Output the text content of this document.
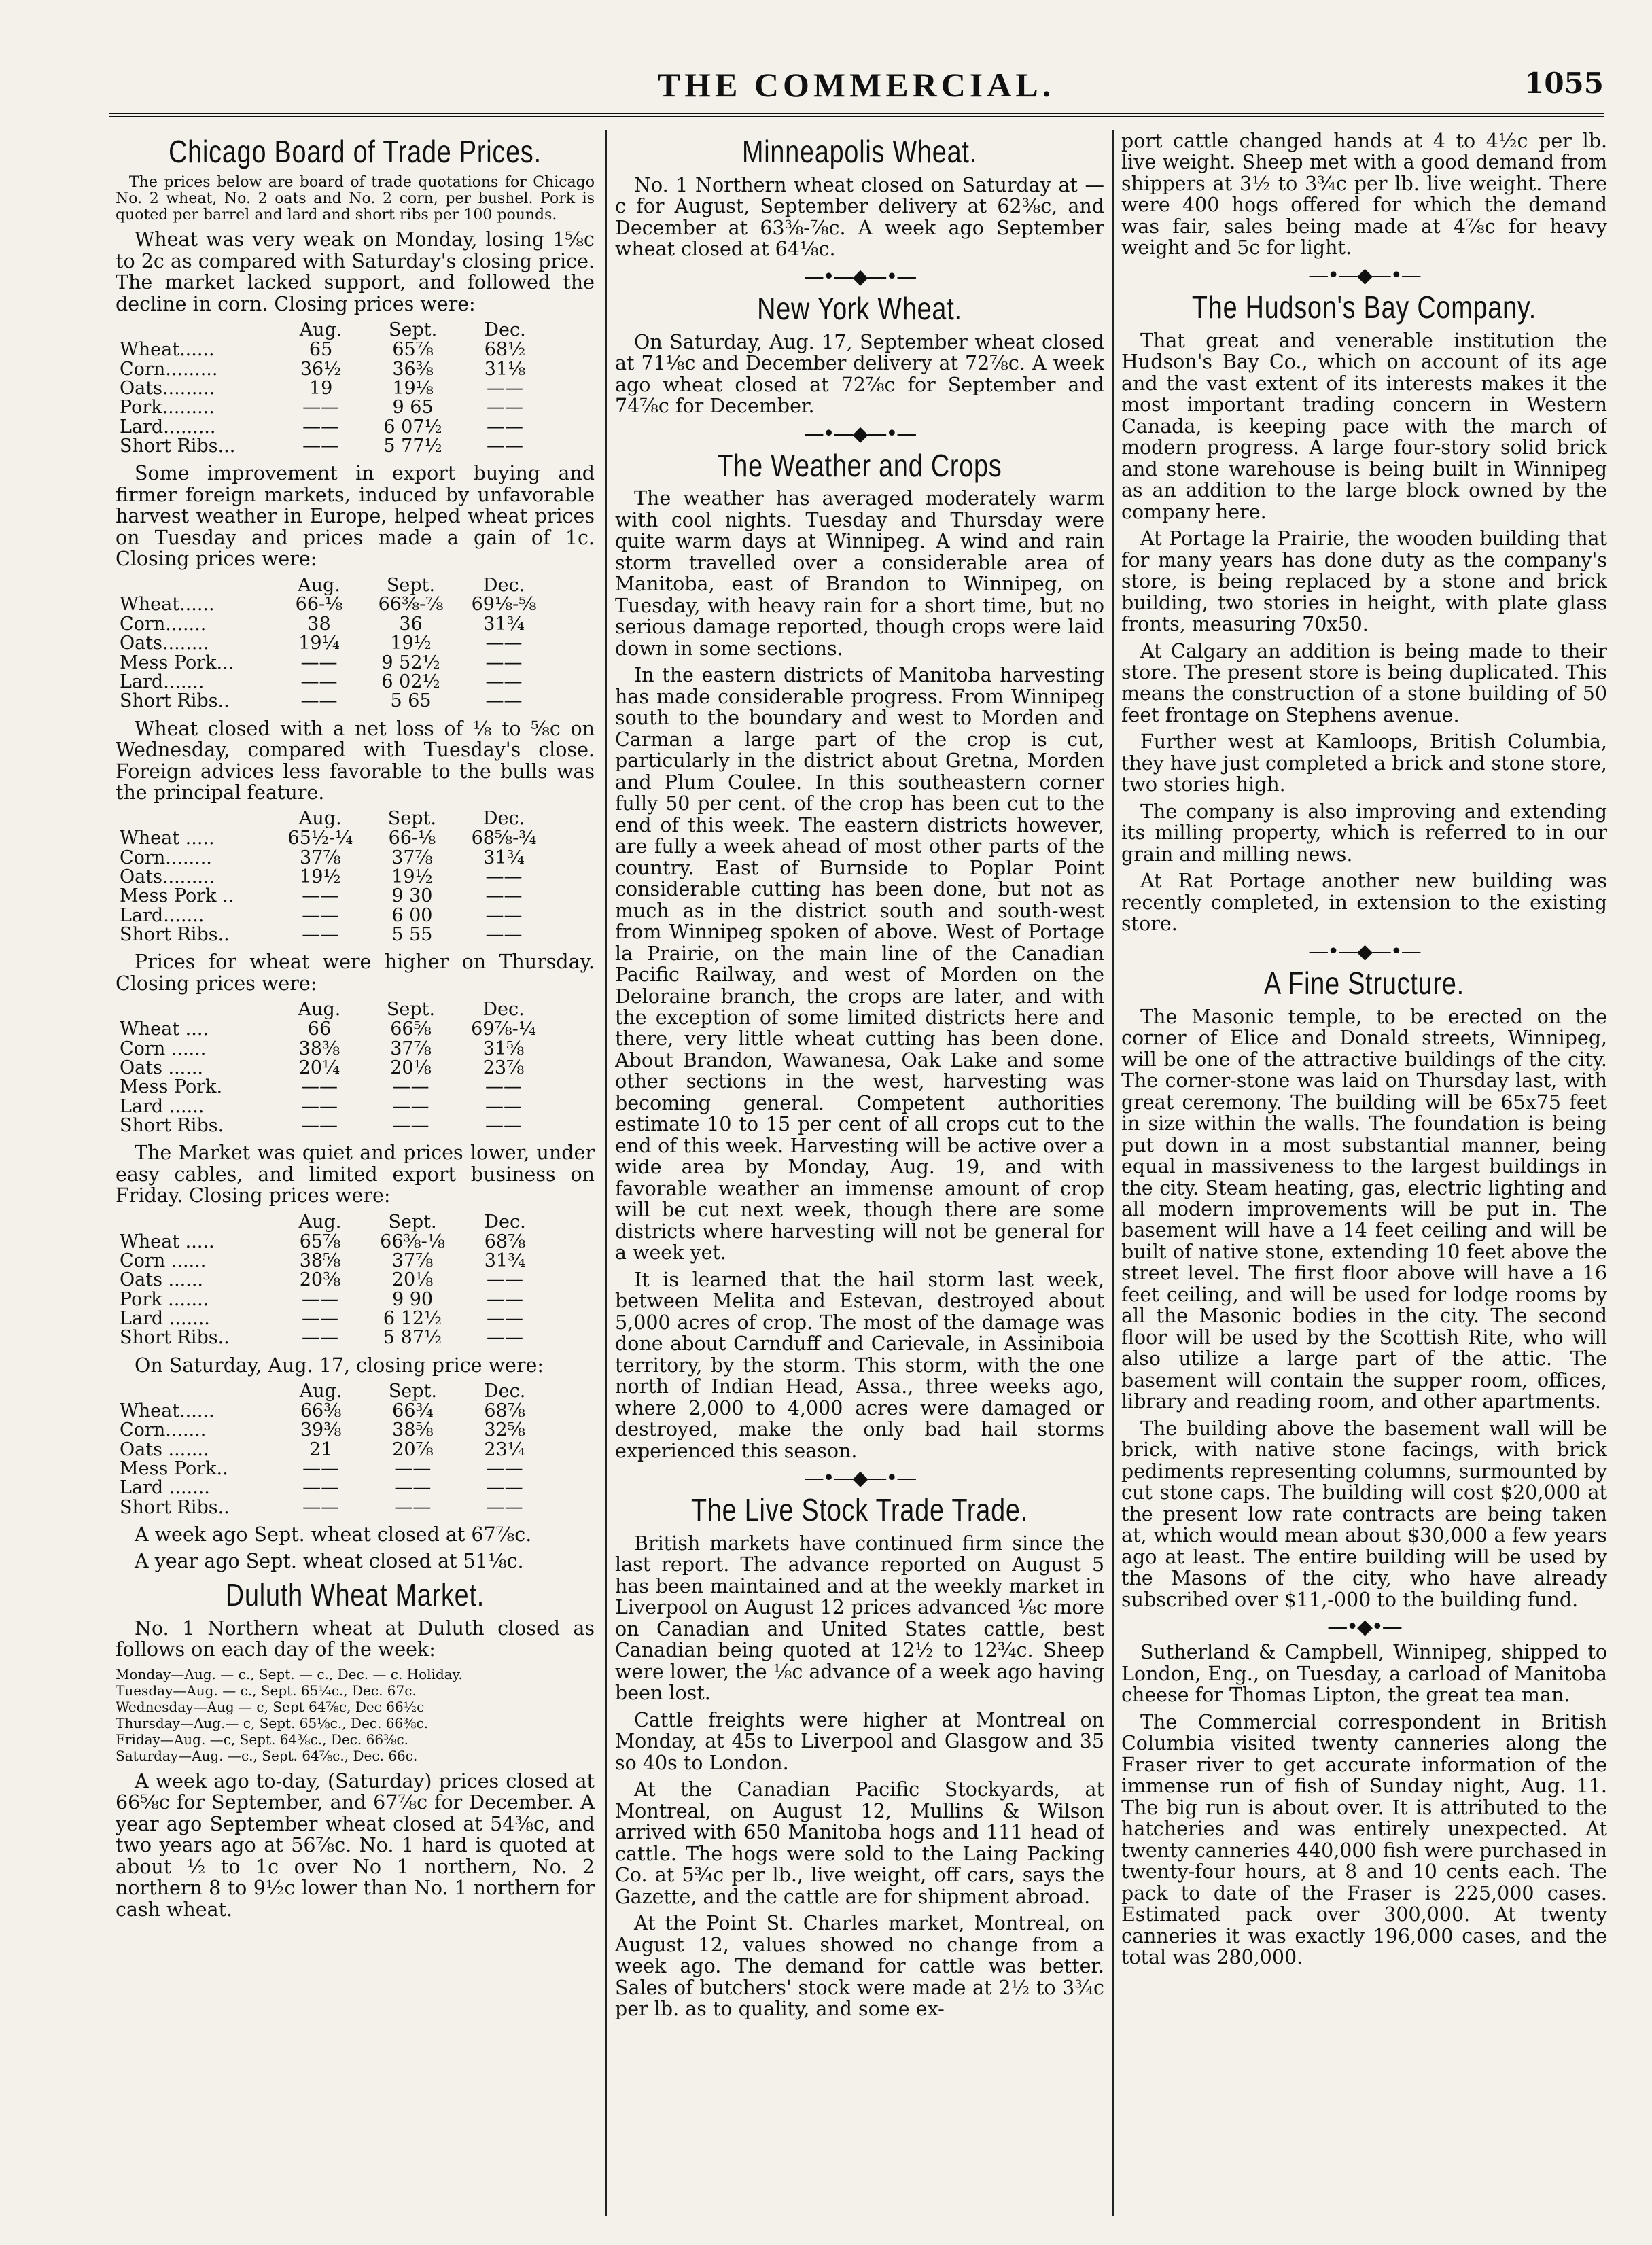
THE COMMERCIAL.	1055
Chicago Board of Trade Prices.

The prices below are board of trade quotations for Chicago No. 2 wheat, No. 2 oats and No. 2 corn, per bushel. Pork is quoted per barrel and lard and short ribs per 100 pounds.

Wheat was very weak on Monday, losing 1⅝c to 2c as compared with Saturday's closing price. The market lacked support, and followed the decline in corn. Closing prices were:

	Aug.	Sept.	Dec.
Wheat......	65	65⅞	68½
Corn.........	36½	36⅜	31⅛
Oats.........	19	19⅛	——
Pork.........	——	9 65	——
Lard.........	——	6 07½	——
Short Ribs...	——	5 77½	——

Some improvement in export buying and firmer foreign markets, induced by unfavorable harvest weather in Europe, helped wheat prices on Tuesday and prices made a gain of 1c. Closing prices were:

	Aug.	Sept.	Dec.
Wheat......	66-⅛	66⅜-⅞	69⅛-⅝
Corn.......	38	36	31¾
Oats........	19¼	19½	——
Mess Pork...	——	9 52½	——
Lard.......	——	6 02½	——
Short Ribs..	——	5 65	——

Wheat closed with a net loss of ⅛ to ⅝c on Wednesday, compared with Tuesday's close. Foreign advices less favorable to the bulls was the principal feature.

	Aug.	Sept.	Dec.
Wheat .....	65½-¼	66-⅛	68⅝-¾
Corn........	37⅞	37⅞	31¾
Oats.........	19½	19½	——
Mess Pork ..	——	9 30	——
Lard.......	——	6 00	——
Short Ribs..	——	5 55	——

Prices for wheat were higher on Thursday. Closing prices were:

	Aug.	Sept.	Dec.
Wheat ....	66	66⅝	69⅞-¼
Corn ......	38⅜	37⅞	31⅝
Oats ......	20¼	20⅛	23⅞
Mess Pork.	——	——	——
Lard ......	——	——	——
Short Ribs.	——	——	——

The Market was quiet and prices lower, under easy cables, and limited export business on Friday. Closing prices were:

	Aug.	Sept.	Dec.
Wheat .....	65⅞	66⅜-⅛	68⅞
Corn ......	38⅝	37⅞	31¾
Oats ......	20⅜	20⅛	——
Pork .......	——	9 90	——
Lard .......	——	6 12½	——
Short Ribs..	——	5 87½	——

On Saturday, Aug. 17, closing price were:

	Aug.	Sept.	Dec.
Wheat......	66⅜	66¾	68⅞
Corn.......	39⅜	38⅝	32⅝
Oats .......	21	20⅞	23¼
Mess Pork..	——	——	——
Lard .......	——	——	——
Short Ribs..	——	——	——

A week ago Sept. wheat closed at 67⅞c.

A year ago Sept. wheat closed at 51⅛c.

Duluth Wheat Market.

No. 1 Northern wheat at Duluth closed as follows on each day of the week:

Monday—Aug. — c., Sept. — c., Dec. — c. Holiday.
Tuesday—Aug. — c., Sept. 65¼c., Dec. 67c.
Wednesday—Aug — c, Sept 64⅞c, Dec 66½c
Thursday—Aug.— c, Sept. 65⅛c., Dec. 66⅜c.
Friday—Aug. —c, Sept. 64⅜c., Dec. 66⅜c.
Saturday—Aug. —c., Sept. 64⅞c., Dec. 66c.

A week ago to-day, (Saturday) prices closed at 66⅝c for September, and 67⅞c for December. A year ago September wheat closed at 54⅜c, and two years ago at 56⅞c. No. 1 hard is quoted at about ½ to 1c over No 1 northern, No. 2 northern 8 to 9½c lower than No. 1 northern for cash wheat.

Minneapolis Wheat.

No. 1 Northern wheat closed on Saturday at —c for August, September delivery at 62⅜c, and December at 63⅜-⅞c. A week ago September wheat closed at 64⅛c.

—•—◆—•—
New York Wheat.

On Saturday, Aug. 17, September wheat closed at 71⅛c and December delivery at 72⅞c. A week ago wheat closed at 72⅞c for September and 74⅞c for December.

—•—◆—•—
The Weather and Crops

The weather has averaged moderately warm with cool nights. Tuesday and Thursday were quite warm days at Winnipeg. A wind and rain storm travelled over a considerable area of Manitoba, east of Brandon to Winnipeg, on Tuesday, with heavy rain for a short time, but no serious damage reported, though crops were laid down in some sections.

In the eastern districts of Manitoba harvesting has made considerable progress. From Winnipeg south to the boundary and west to Morden and Carman a large part of the crop is cut, particularly in the district about Gretna, Morden and Plum Coulee. In this southeastern corner fully 50 per cent. of the crop has been cut to the end of this week. The eastern districts however, are fully a week ahead of most other parts of the country. East of Burnside to Poplar Point considerable cutting has been done, but not as much as in the district south and south-west from Winnipeg spoken of above. West of Portage la Prairie, on the main line of the Canadian Pacific Railway, and west of Morden on the Deloraine branch, the crops are later, and with the exception of some limited districts here and there, very little wheat cutting has been done. About Brandon, Wawanesa, Oak Lake and some other sections in the west, harvesting was becoming general. Competent authorities estimate 10 to 15 per cent of all crops cut to the end of this week. Harvesting will be active over a wide area by Monday, Aug. 19, and with favorable weather an immense amount of crop will be cut next week, though there are some districts where harvesting will not be general for a week yet.

It is learned that the hail storm last week, between Melita and Estevan, destroyed about 5,000 acres of crop. The most of the damage was done about Carnduff and Carievale, in Assiniboia territory, by the storm. This storm, with the one north of Indian Head, Assa., three weeks ago, where 2,000 to 4,000 acres were damaged or destroyed, make the only bad hail storms experienced this season.

—•—◆—•—
The Live Stock Trade Trade.

British markets have continued firm since the last report. The advance reported on August 5 has been maintained and at the weekly market in Liverpool on August 12 prices advanced ⅛c more on Canadian and United States cattle, best Canadian being quoted at 12½ to 12¾c. Sheep were lower, the ⅛c advance of a week ago having been lost.

Cattle freights were higher at Montreal on Monday, at 45s to Liverpool and Glasgow and 35 so 40s to London.

At the Canadian Pacific Stockyards, at Montreal, on August 12, Mullins & Wilson arrived with 650 Manitoba hogs and 111 head of cattle. The hogs were sold to the Laing Packing Co. at 5¾c per lb., live weight, off cars, says the Gazette, and the cattle are for shipment abroad.

At the Point St. Charles market, Montreal, on August 12, values showed no change from a week ago. The demand for cattle was better. Sales of butchers' stock were made at 2½ to 3¾c per lb. as to quality, and some ex-

port cattle changed hands at 4 to 4½c per lb. live weight. Sheep met with a good demand from shippers at 3½ to 3¾c per lb. live weight. There were 400 hogs offered for which the demand was fair, sales being made at 4⅞c for heavy weight and 5c for light.

—•—◆—•—
The Hudson's Bay Company.

That great and venerable institution the Hudson's Bay Co., which on account of its age and the vast extent of its interests makes it the most important trading concern in Western Canada, is keeping pace with the march of modern progress. A large four-story solid brick and stone warehouse is being built in Winnipeg as an addition to the large block owned by the company here.

At Portage la Prairie, the wooden building that for many years has done duty as the company's store, is being replaced by a stone and brick building, two stories in height, with plate glass fronts, measuring 70x50.

At Calgary an addition is being made to their store. The present store is being duplicated. This means the construction of a stone building of 50 feet frontage on Stephens avenue.

Further west at Kamloops, British Columbia, they have just completed a brick and stone store, two stories high.

The company is also improving and extending its milling property, which is referred to in our grain and milling news.

At Rat Portage another new building was recently completed, in extension to the existing store.

—•—◆—•—
A Fine Structure.

The Masonic temple, to be erected on the corner of Elice and Donald streets, Winnipeg, will be one of the attractive buildings of the city. The corner-stone was laid on Thursday last, with great ceremony. The building will be 65x75 feet in size within the walls. The foundation is being put down in a most substantial manner, being equal in massiveness to the largest buildings in the city. Steam heating, gas, electric lighting and all modern improvements will be put in. The basement will have a 14 feet ceiling and will be built of native stone, extending 10 feet above the street level. The first floor above will have a 16 feet ceiling, and will be used for lodge rooms by all the Masonic bodies in the city. The second floor will be used by the Scottish Rite, who will also utilize a large part of the attic. The basement will contain the supper room, offices, library and reading room, and other apartments.

The building above the basement wall will be brick, with native stone facings, with brick pediments representing columns, surmounted by cut stone caps. The building will cost $20,000 at the present low rate contracts are being taken at, which would mean about $30,000 a few years ago at least. The entire building will be used by the Masons of the city, who have already subscribed over $11,-000 to the building fund.

—•◆•—

Sutherland & Campbell, Winnipeg, shipped to London, Eng., on Tuesday, a carload of Manitoba cheese for Thomas Lipton, the great tea man.

The Commercial correspondent in British Columbia visited twenty canneries along the Fraser river to get accurate information of the immense run of fish of Sunday night, Aug. 11. The big run is about over. It is attributed to the hatcheries and was entirely unexpected. At twenty canneries 440,000 fish were purchased in twenty-four hours, at 8 and 10 cents each. The pack to date of the Fraser is 225,000 cases. Estimated pack over 300,000. At twenty canneries it was exactly 196,000 cases, and the total was 280,000.
